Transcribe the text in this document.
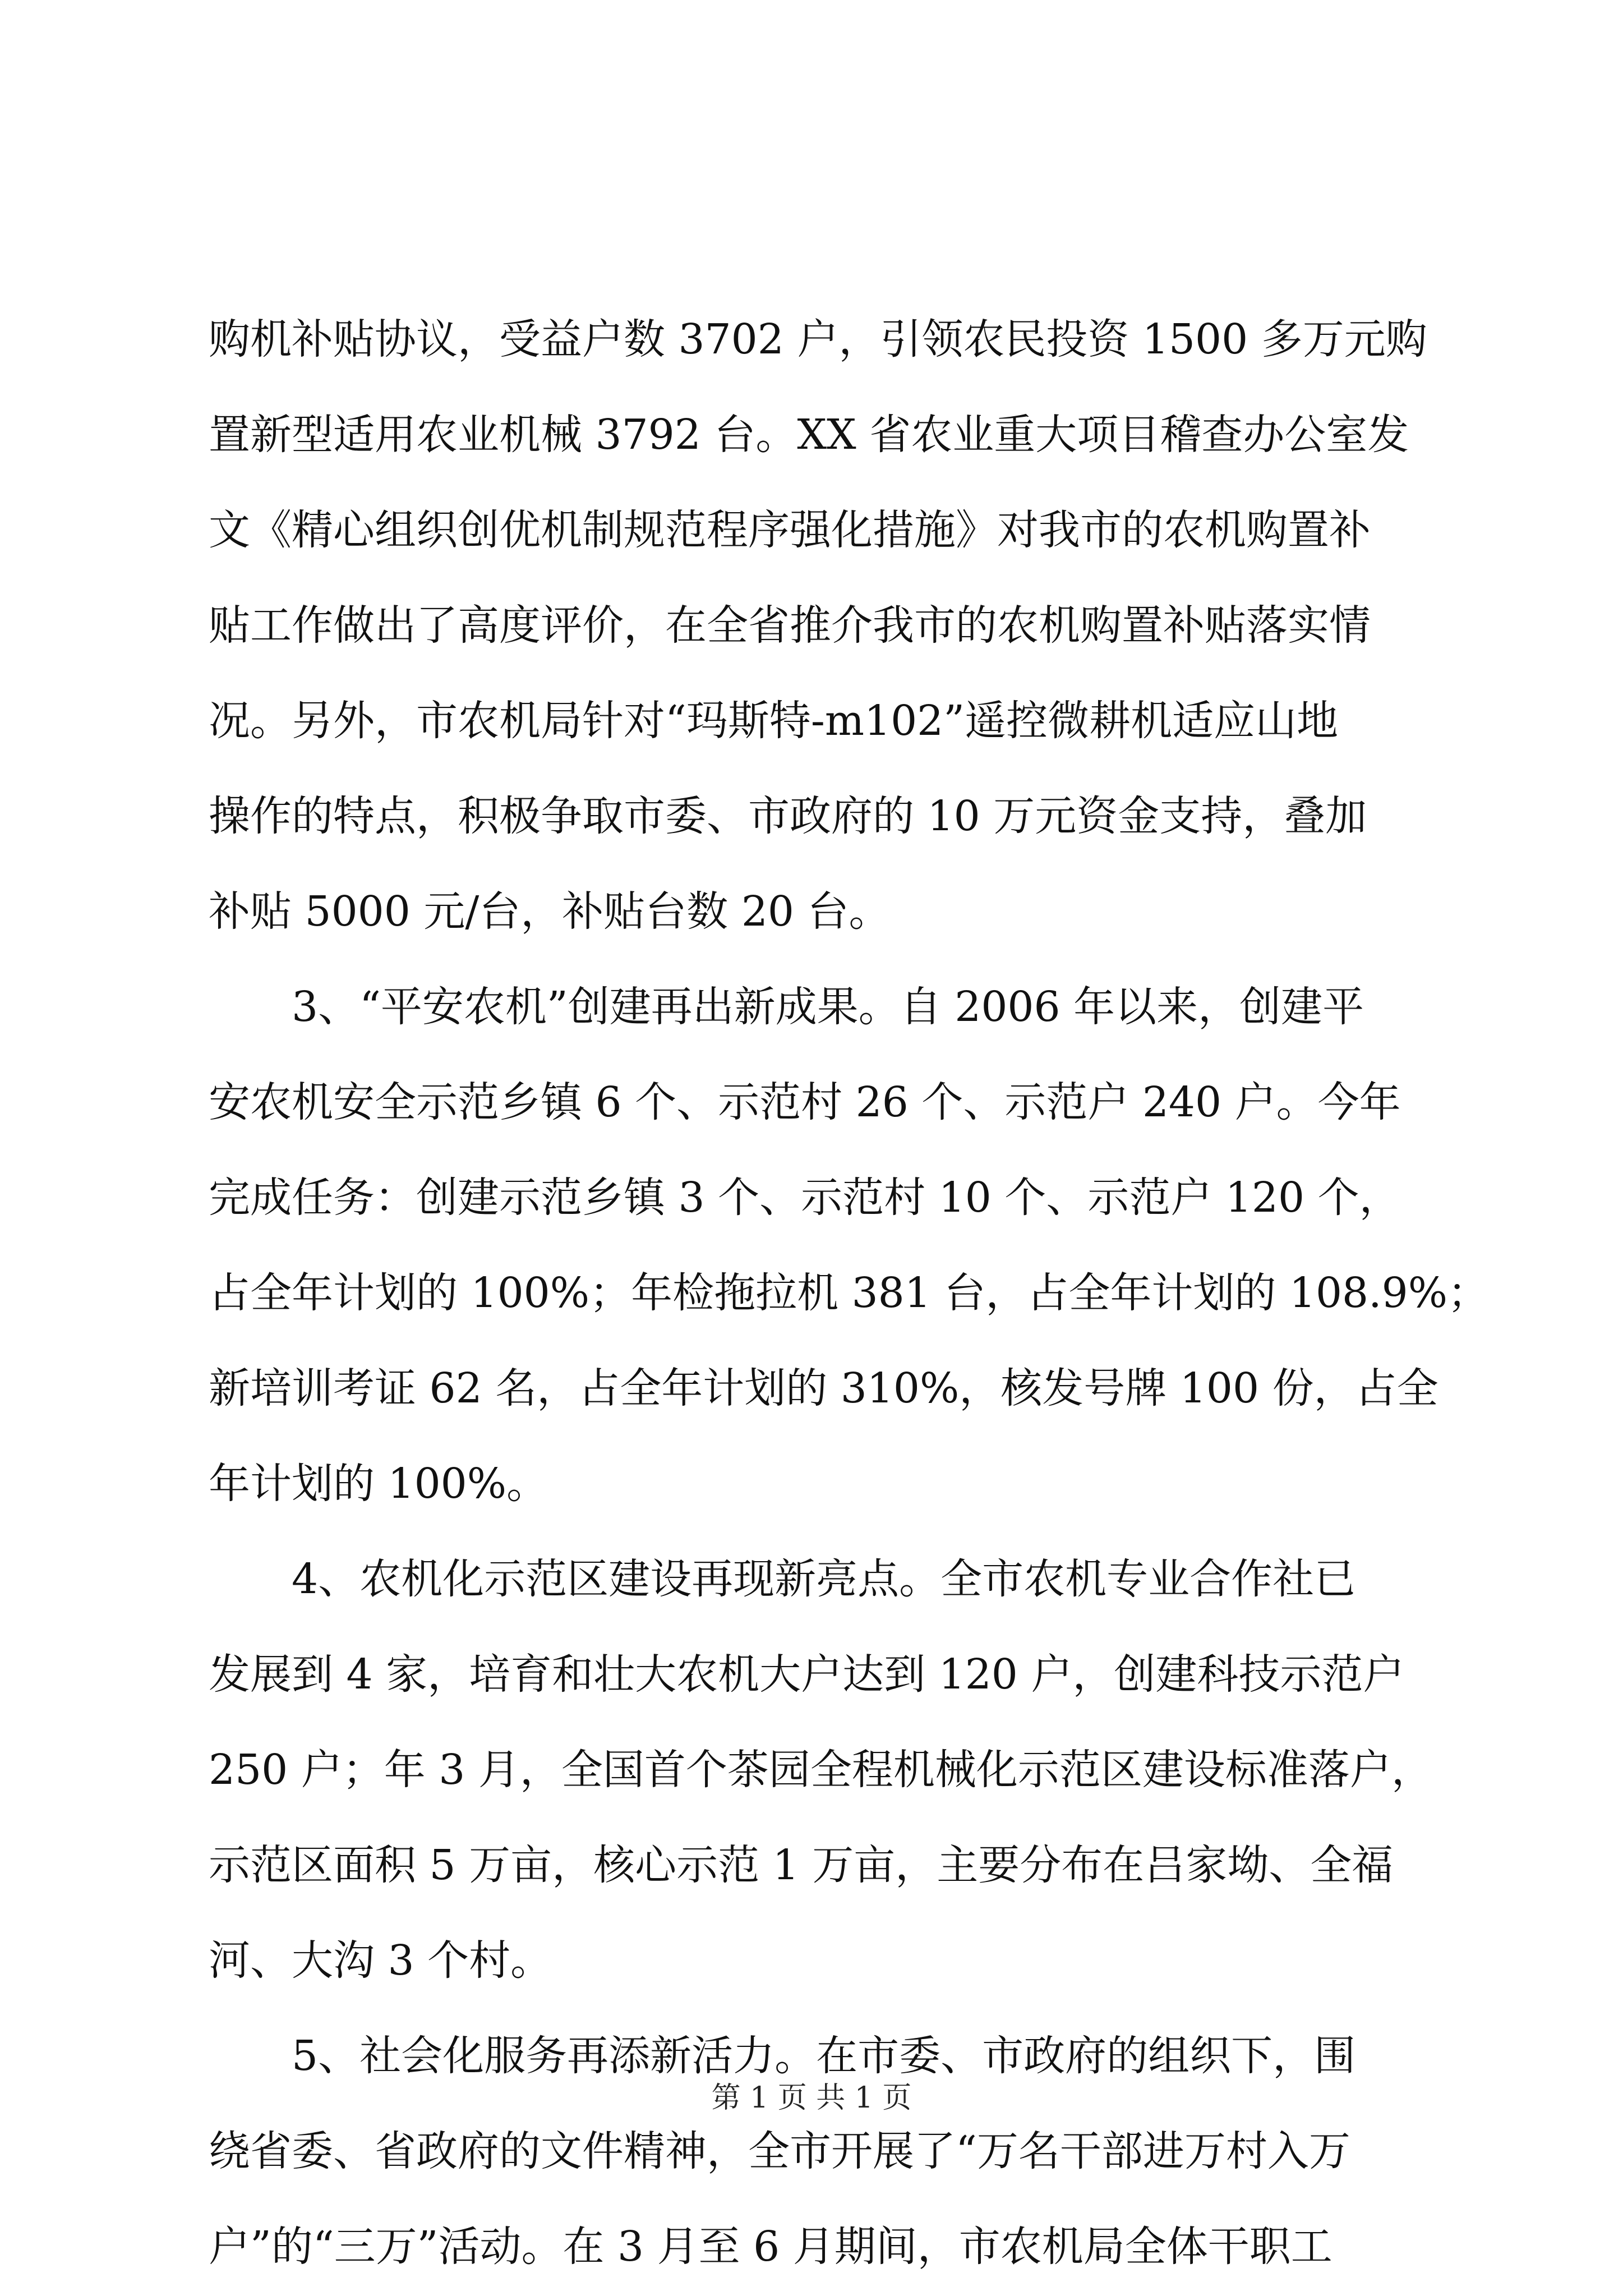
购机补贴协议，受益户数 3702 户，引领农民投资 1500 多万元购
置新型适用农业机械 3792 台。XX 省农业重大项目稽查办公室发
文《精心组织创优机制规范程序强化措施》对我市的农机购置补
贴工作做出了高度评价，在全省推介我市的农机购置补贴落实情
况。另外，市农机局针对“玛斯特-m102”遥控微耕机适应山地
操作的特点，积极争取市委、市政府的 10 万元资金支持，叠加
补贴 5000 元/台，补贴台数 20 台。
　　3、“平安农机”创建再出新成果。自 2006 年以来，创建平
安农机安全示范乡镇 6 个、示范村 26 个、示范户 240 户。今年
完成任务：创建示范乡镇 3 个、示范村 10 个、示范户 120 个，
占全年计划的 100%；年检拖拉机 381 台，占全年计划的 108.9%；
新培训考证 62 名，占全年计划的 310%，核发号牌 100 份，占全
年计划的 100%。
　　4、农机化示范区建设再现新亮点。全市农机专业合作社已
发展到 4 家，培育和壮大农机大户达到 120 户，创建科技示范户
250 户；年 3 月，全国首个茶园全程机械化示范区建设标准落户，
示范区面积 5 万亩，核心示范 1 万亩，主要分布在吕家坳、全福
河、大沟 3 个村。
　　5、社会化服务再添新活力。在市委、市政府的组织下，围
绕省委、省政府的文件精神，全市开展了“万名干部进万村入万
户”的“三万”活动。在 3 月至 6 月期间，市农机局全体干职工
第 1 页 共 1 页
